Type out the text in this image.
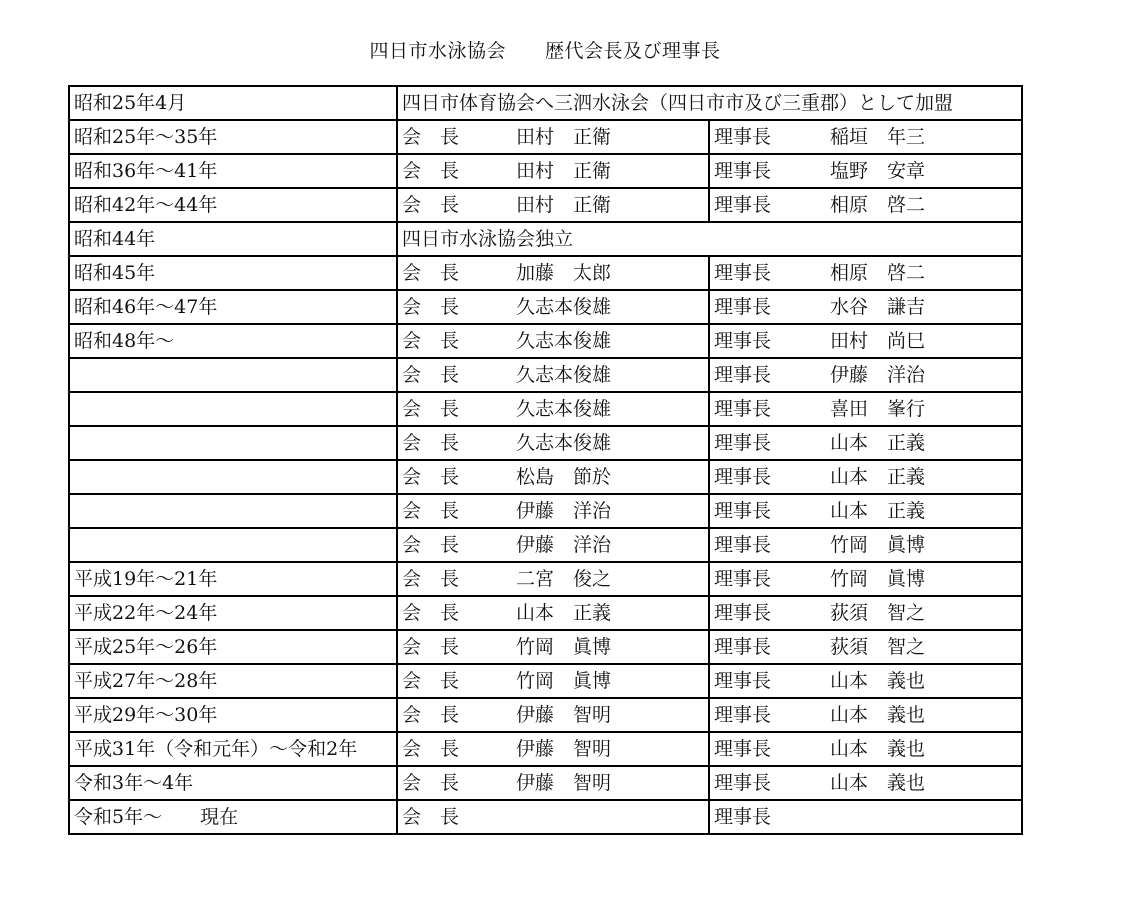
四日市水泳協会　　歴代会長及び理事長
昭和25年4月	四日市体育協会へ三泗水泳会（四日市市及び三重郡）として加盟	
昭和25年～35年	会　長 田村　正衛	理事長 稲垣　年三
昭和36年～41年	会　長 田村　正衛	理事長 塩野　安章
昭和42年～44年	会　長 田村　正衛	理事長 相原　啓二
昭和44年	四日市水泳協会独立	
昭和45年	会　長 加藤　太郎	理事長 相原　啓二
昭和46年～47年	会　長 久志本俊雄	理事長 水谷　謙吉
昭和48年～	会　長 久志本俊雄	理事長 田村　尚巳
	会　長 久志本俊雄	理事長 伊藤　洋治
	会　長 久志本俊雄	理事長 喜田　峯行
	会　長 久志本俊雄	理事長 山本　正義
	会　長 松島　節於	理事長 山本　正義
	会　長 伊藤　洋治	理事長 山本　正義
	会　長 伊藤　洋治	理事長 竹岡　眞博
平成19年～21年	会　長 二宮　俊之	理事長 竹岡　眞博
平成22年～24年	会　長 山本　正義	理事長 荻須　智之
平成25年～26年	会　長 竹岡　眞博	理事長 荻須　智之
平成27年～28年	会　長 竹岡　眞博	理事長 山本　義也
平成29年～30年	会　長 伊藤　智明	理事長 山本　義也
平成31年（令和元年）～令和2年	会　長 伊藤　智明	理事長 山本　義也
令和3年～4年	会　長 伊藤　智明	理事長 山本　義也
令和5年～　　現在	会　長	理事長
